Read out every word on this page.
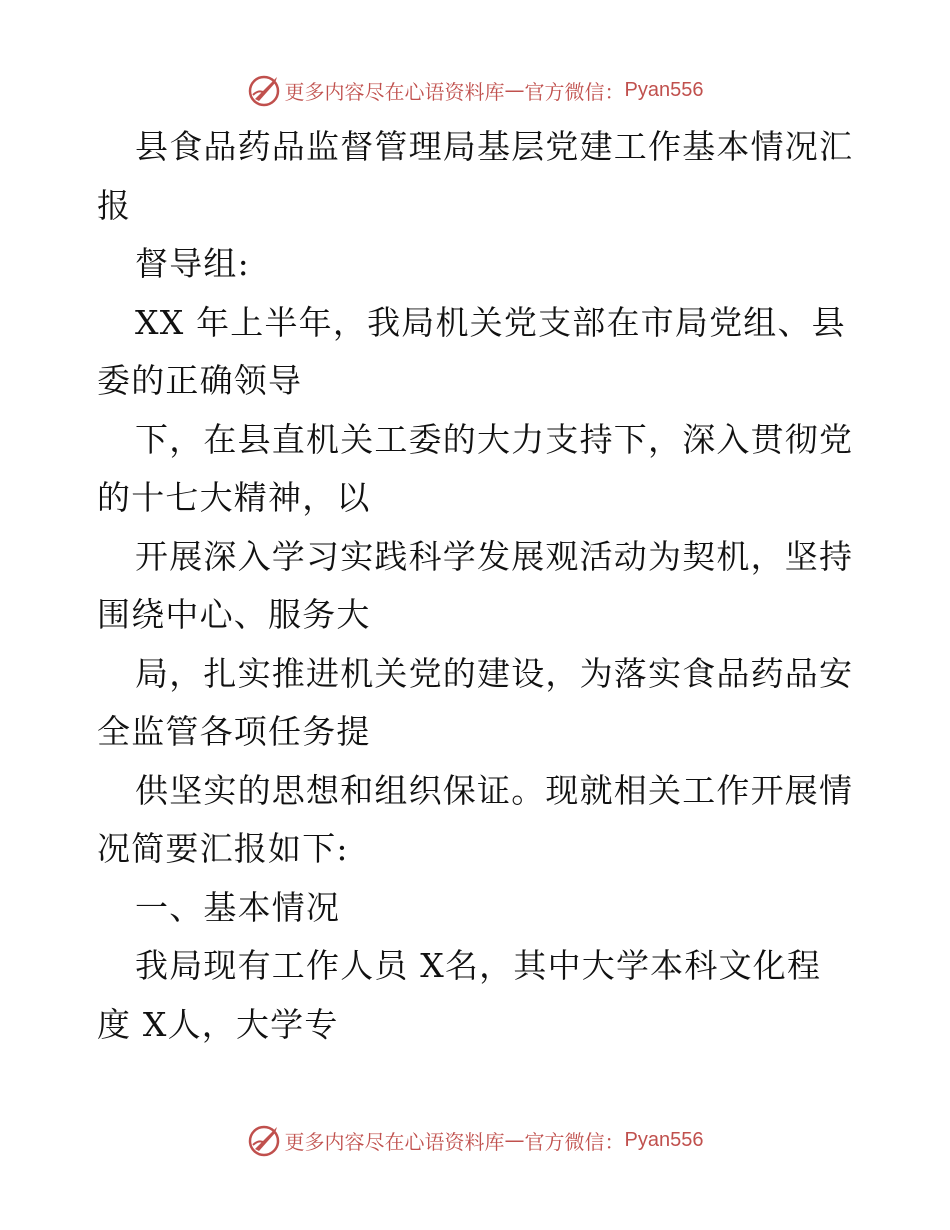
更多内容尽在心语资料库 — 官方微信： Pyan556
县食品药品监督管理局基层党建工作基本情况汇
报
督导组:
XX 年上半年，我局机关党支部在市局党组、县
委的正确领导
下，在县直机关工委的大力支持下，深入贯彻党
的十七大精神，以
开展深入学习实践科学发展观活动为契机，坚持
围绕中心、服务大
局，扎实推进机关党的建设，为落实食品药品安
全监管各项任务提
供坚实的思想和组织保证。现就相关工作开展情
况简要汇报如下:
一、基本情况
我局现有工作人员 X名，其中大学本科文化程
度 X人，大学专
更多内容尽在心语资料库 — 官方微信： Pyan556
